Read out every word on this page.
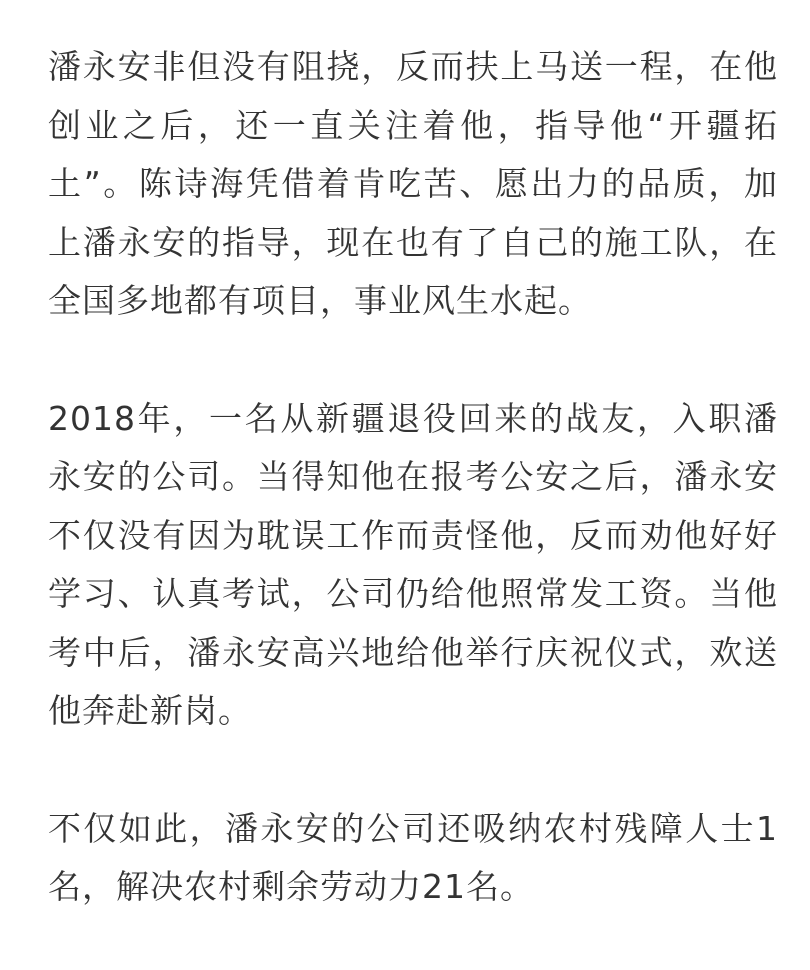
潘永安非但没有阻挠，反而扶上马送一程，在他创业之后，还一直关注着他，指导他“开疆拓土”。陈诗海凭借着肯吃苦、愿出力的品质，加上潘永安的指导，现在也有了自己的施工队，在全国多地都有项目，事业风生水起。

2018年，一名从新疆退役回来的战友，入职潘永安的公司。当得知他在报考公安之后，潘永安不仅没有因为耽误工作而责怪他，反而劝他好好学习、认真考试，公司仍给他照常发工资。当他考中后，潘永安高兴地给他举行庆祝仪式，欢送他奔赴新岗。

不仅如此，潘永安的公司还吸纳农村残障人士1名，解决农村剩余劳动力21名。
